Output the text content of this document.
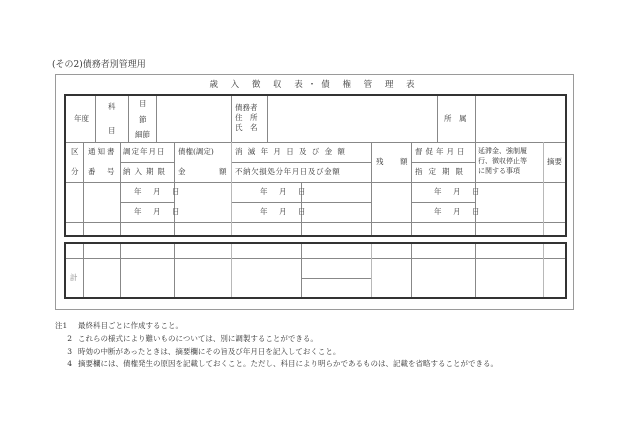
(その2)債務者別管理用
歳 入 徴 収 表・債 権 管 理 表
年度
科
目
目
節
細節
債務者
住　所
氏　名
所　属
区
分
通知書
番　号
調定年月日
納入期限
債権(調定)
金	額
消滅年月日及び金額
不納欠損処分年月日及び金額
残 額
督促年月日
指定期限
延滞金、強制履
行、徴収停止等
に関する事項
摘要
年　月　日
年　月　日
年　月　日
年　月　日
年　月　日
年　月　日
計
注1	最終科目ごとに作成すること。
2 これらの様式により難いものについては、別に調製することができる。
3 時効の中断があったときは、摘要欄にその旨及び年月日を記入しておくこと。
4 摘要欄には、債権発生の原因を記載しておくこと。ただし、科目により明らかであるものは、記載を省略することができる。
